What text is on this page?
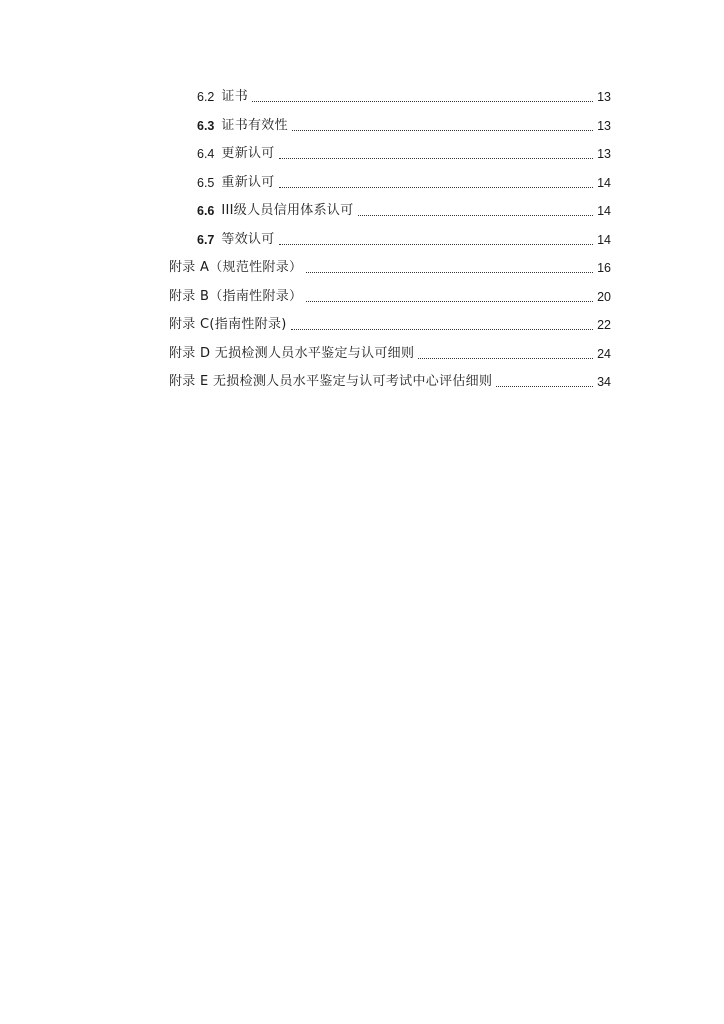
6.2 证书	13
6.3 证书有效性	13
6.4 更新认可	13
6.5 重新认可	14
6.6 III级人员信用体系认可	14
6.7 等效认可	14
附录 A（规范性附录）	16
附录 B（指南性附录）	20
附录 C(指南性附录)	22
附录 D 无损检测人员水平鉴定与认可细则	24
附录 E 无损检测人员水平鉴定与认可考试中心评估细则	34
